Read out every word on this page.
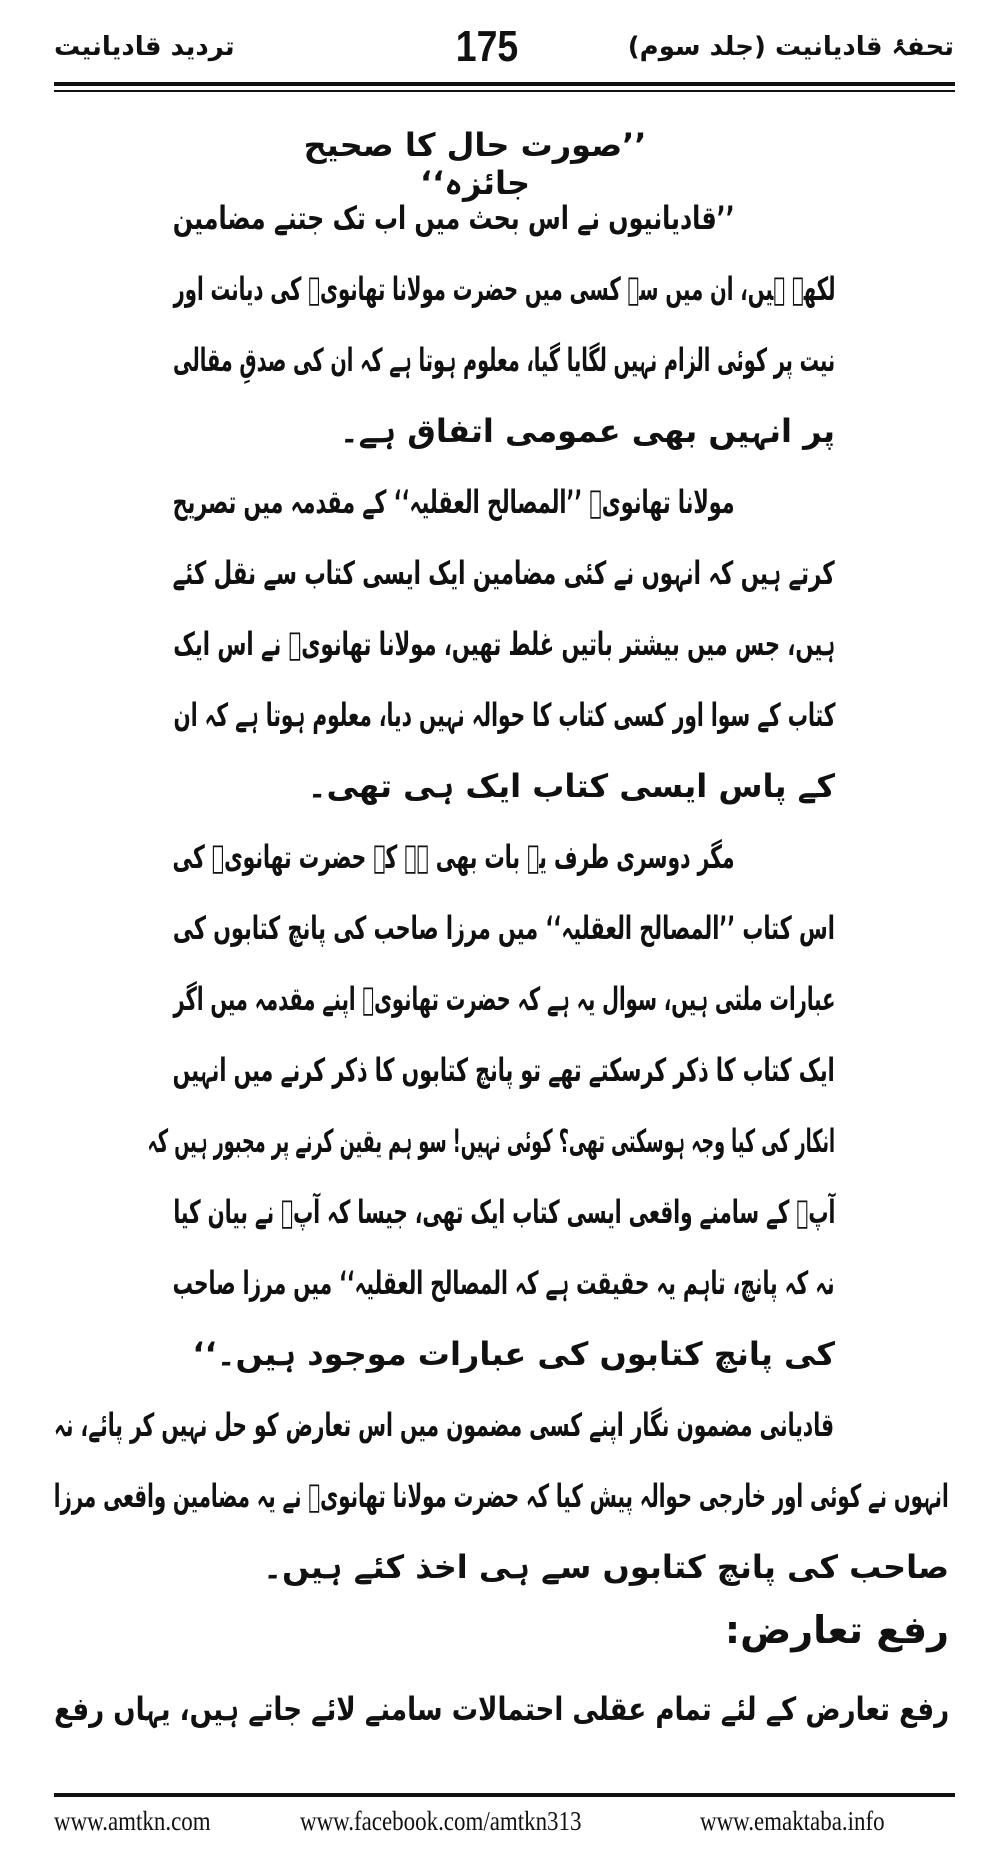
تحفۂ قادیانیت (جلد سوم)
175
تردید قادیانیت
’’صورت حال کا صحیح جائزہ‘‘
’’قادیانیوں نے اس بحث میں اب تک جتنے مضامین
لکھے ہیں، ان میں سے کسی میں حضرت مولانا تھانویؒ کی دیانت اور
نیت پر کوئی الزام نہیں لگایا گیا، معلوم ہوتا ہے کہ ان کی صدقِ مقالی
پر انہیں بھی عمومی اتفاق ہے۔
مولانا تھانویؒ ’’المصالح العقلیہ‘‘ کے مقدمہ میں تصریح
کرتے ہیں کہ انہوں نے کئی مضامین ایک ایسی کتاب سے نقل کئے
ہیں، جس میں بیشتر باتیں غلط تھیں، مولانا تھانویؒ نے اس ایک
کتاب کے سوا اور کسی کتاب کا حوالہ نہیں دیا، معلوم ہوتا ہے کہ ان
کے پاس ایسی کتاب ایک ہی تھی۔
مگر دوسری طرف یہ بات بھی ہے کہ حضرت تھانویؒ کی
اس کتاب ’’المصالح العقلیہ‘‘ میں مرزا صاحب کی پانچ کتابوں کی
عبارات ملتی ہیں، سوال یہ ہے کہ حضرت تھانویؒ اپنے مقدمہ میں اگر
ایک کتاب کا ذکر کرسکتے تھے تو پانچ کتابوں کا ذکر کرنے میں انہیں
انکار کی کیا وجہ ہوسکتی تھی؟ کوئی نہیں! سو ہم یقین کرنے پر مجبور ہیں کہ
آپؒ کے سامنے واقعی ایسی کتاب ایک تھی، جیسا کہ آپؒ نے بیان کیا
نہ کہ پانچ، تاہم یہ حقیقت ہے کہ المصالح العقلیہ‘‘ میں مرزا صاحب
کی پانچ کتابوں کی عبارات موجود ہیں۔‘‘
قادیانی مضمون نگار اپنے کسی مضمون میں اس تعارض کو حل نہیں کر پائے، نہ
انہوں نے کوئی اور خارجی حوالہ پیش کیا کہ حضرت مولانا تھانویؒ نے یہ مضامین واقعی مرزا
صاحب کی پانچ کتابوں سے ہی اخذ کئے ہیں۔
رفع تعارض:
رفع تعارض کے لئے تمام عقلی احتمالات سامنے لائے جاتے ہیں، یہاں رفع
www.amtkn.com	www.facebook.com/amtkn313	www.emaktaba.info
